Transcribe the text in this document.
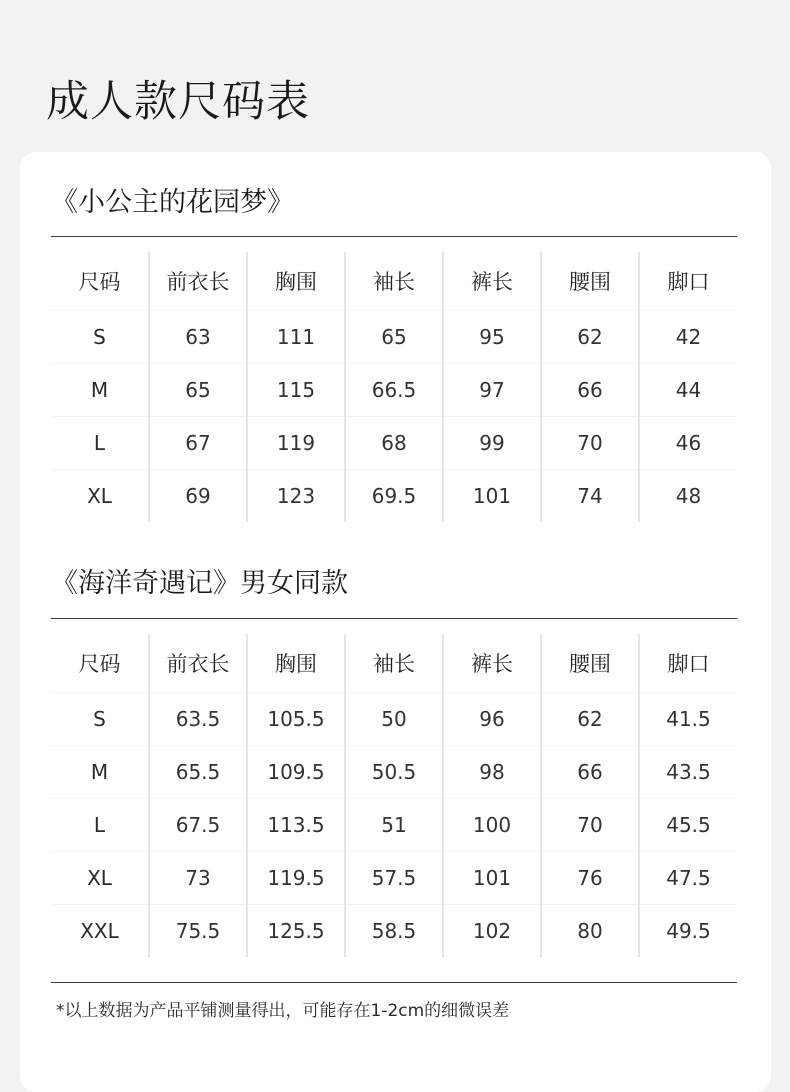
成人款尺码表
《小公主的花园梦》
尺码	前衣长	胸围	袖长	裤长	腰围	脚口
S	63	111	65	95	62	42
M	65	115	66.5	97	66	44
L	67	119	68	99	70	46
XL	69	123	69.5	101	74	48
《海洋奇遇记》男女同款
尺码	前衣长	胸围	袖长	裤长	腰围	脚口
S	63.5	105.5	50	96	62	41.5
M	65.5	109.5	50.5	98	66	43.5
L	67.5	113.5	51	100	70	45.5
XL	73	119.5	57.5	101	76	47.5
XXL	75.5	125.5	58.5	102	80	49.5
*以上数据为产品平铺测量得出，可能存在1-2cm的细微误差
